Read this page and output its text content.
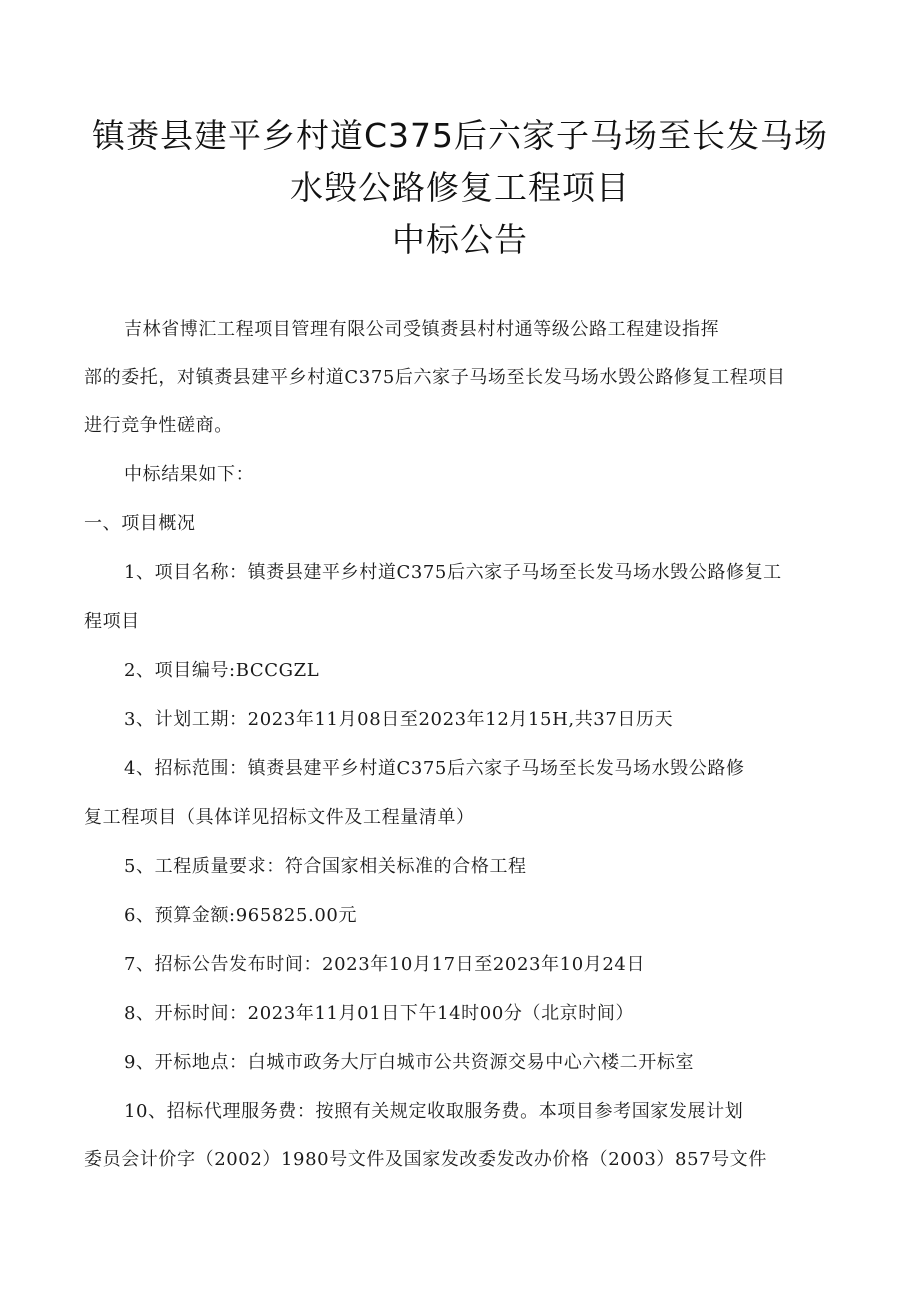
镇赉县建平乡村道C375后六家子马场至长发马场
水毁公路修复工程项目
中标公告
吉林省博汇工程项目管理有限公司受镇赉县村村通等级公路工程建设指挥
部的委托，对镇赉县建平乡村道C375后六家子马场至长发马场水毁公路修复工程项目
进行竞争性磋商。
中标结果如下：
一、项目概况
1、项目名称：镇赉县建平乡村道C375后六家子马场至长发马场水毁公路修复工
程项目
2、项目编号:BCCGZL
3、计划工期：2023年11月08日至2023年12月15H,共37日历天
4、招标范围：镇赉县建平乡村道C375后六家子马场至长发马场水毁公路修
复工程项目（具体详见招标文件及工程量清单）
5、工程质量要求：符合国家相关标准的合格工程
6、预算金额:965825.00元
7、招标公告发布时间：2023年10月17日至2023年10月24日
8、开标时间：2023年11月01日下午14时00分（北京时间）
9、开标地点：白城市政务大厅白城市公共资源交易中心六楼二开标室
10、招标代理服务费：按照有关规定收取服务费。本项目参考国家发展计划
委员会计价字（2002）1980号文件及国家发改委发改办价格（2003）857号文件
